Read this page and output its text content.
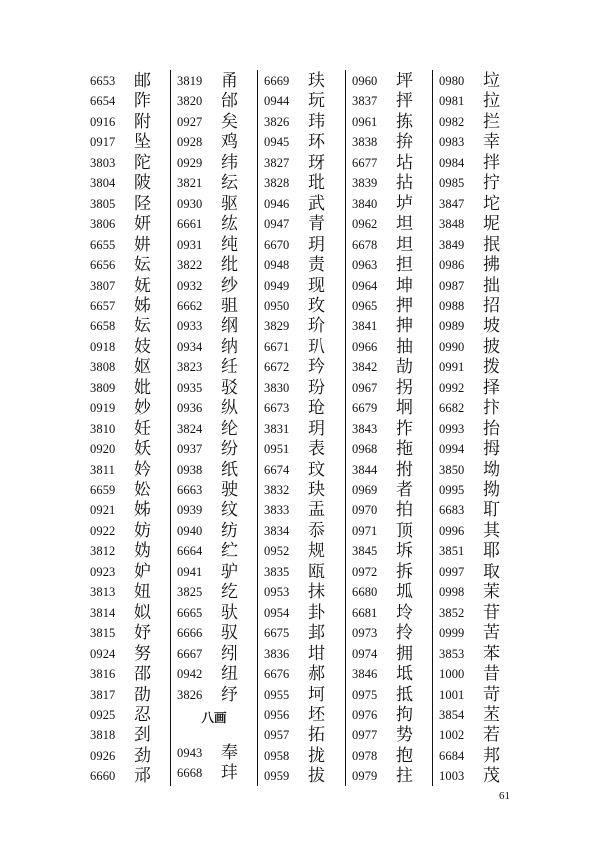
6653 邮
6654 阼
0916 附
0917 坠
3803 陀
3804 陂
3805 陉
3806 妍
6655 妌
6656 妘
3807 妩
6657 姊
6658 妘
0918 妓
3808 妪
3809 妣
0919 妙
3810 妊
0920 妖
3811 妗
6659 妐
0921 姊
0922 妨
3812 妫
0923 妒
3813 妞
3814 姒
3815 妤
0924 努
3816 邵
3817 劭
0925 忍
3818 刭
0926 劲
6660 邧
3819 甬
3820 邰
0927 矣
0928 鸡
0929 纬
3821 纭
0930 驱
6661 纮
0931 纯
3822 纰
0932 纱
6662 驵
0933 纲
0934 纳
3823 纴
0935 驳
0936 纵
3824 纶
0937 纷
0938 纸
6663 驶
0939 纹
0940 纺
6664 纻
0941 驴
3825 纥
6665 驮
6666 驭
6667 纼
0942 纽
3826 纾
八画
0943 奉
6668 玤
6669 玞
0944 玩
3826 玮
0945 环
3827 玡
3828 玭
0946 武
0947 青
6670 玥
0948 责
0949 现
0950 玫
3829 玠
6671 玐
6672 玪
3830 玢
6673 玱
3831 玥
0951 表
6674 玟
3832 玦
3833 盂
3834 忝
0952 规
3835 瓯
0953 抹
0954 卦
6675 邽
3836 坩
6676 郝
0955 坷
0956 坯
0957 拓
0958 拢
0959 拔
0960 坪
3837 抨
0961 拣
3838 拚
6677 坫
3839 拈
3840 垆
0962 坦
6678 坦
0963 担
0964 坤
0965 押
3841 抻
0966 抽
3842 劼
0967 拐
6679 坰
3843 拃
0968 拖
3844 拊
0969 者
0970 拍
0971 顶
3845 坼
0972 拆
6680 坬
6681 坽
0973 拎
0974 拥
3846 坻
0975 抵
0976 拘
0977 势
0978 抱
0979 拄
0980 垃
0981 拉
0982 拦
0983 幸
0984 拌
0985 拧
3847 坨
3848 坭
3849 抿
0986 拂
0987 拙
0988 招
0989 坡
0990 披
0991 拨
0992 择
6682 抃
0993 抬
0994 拇
3850 坳
0995 拗
6683 耵
0996 其
3851 耶
0997 取
0998 茉
3852 苷
0999 苦
3853 苯
1000 昔
1001 苛
3854 苤
1002 若
6684 邦
1003 茂
61
